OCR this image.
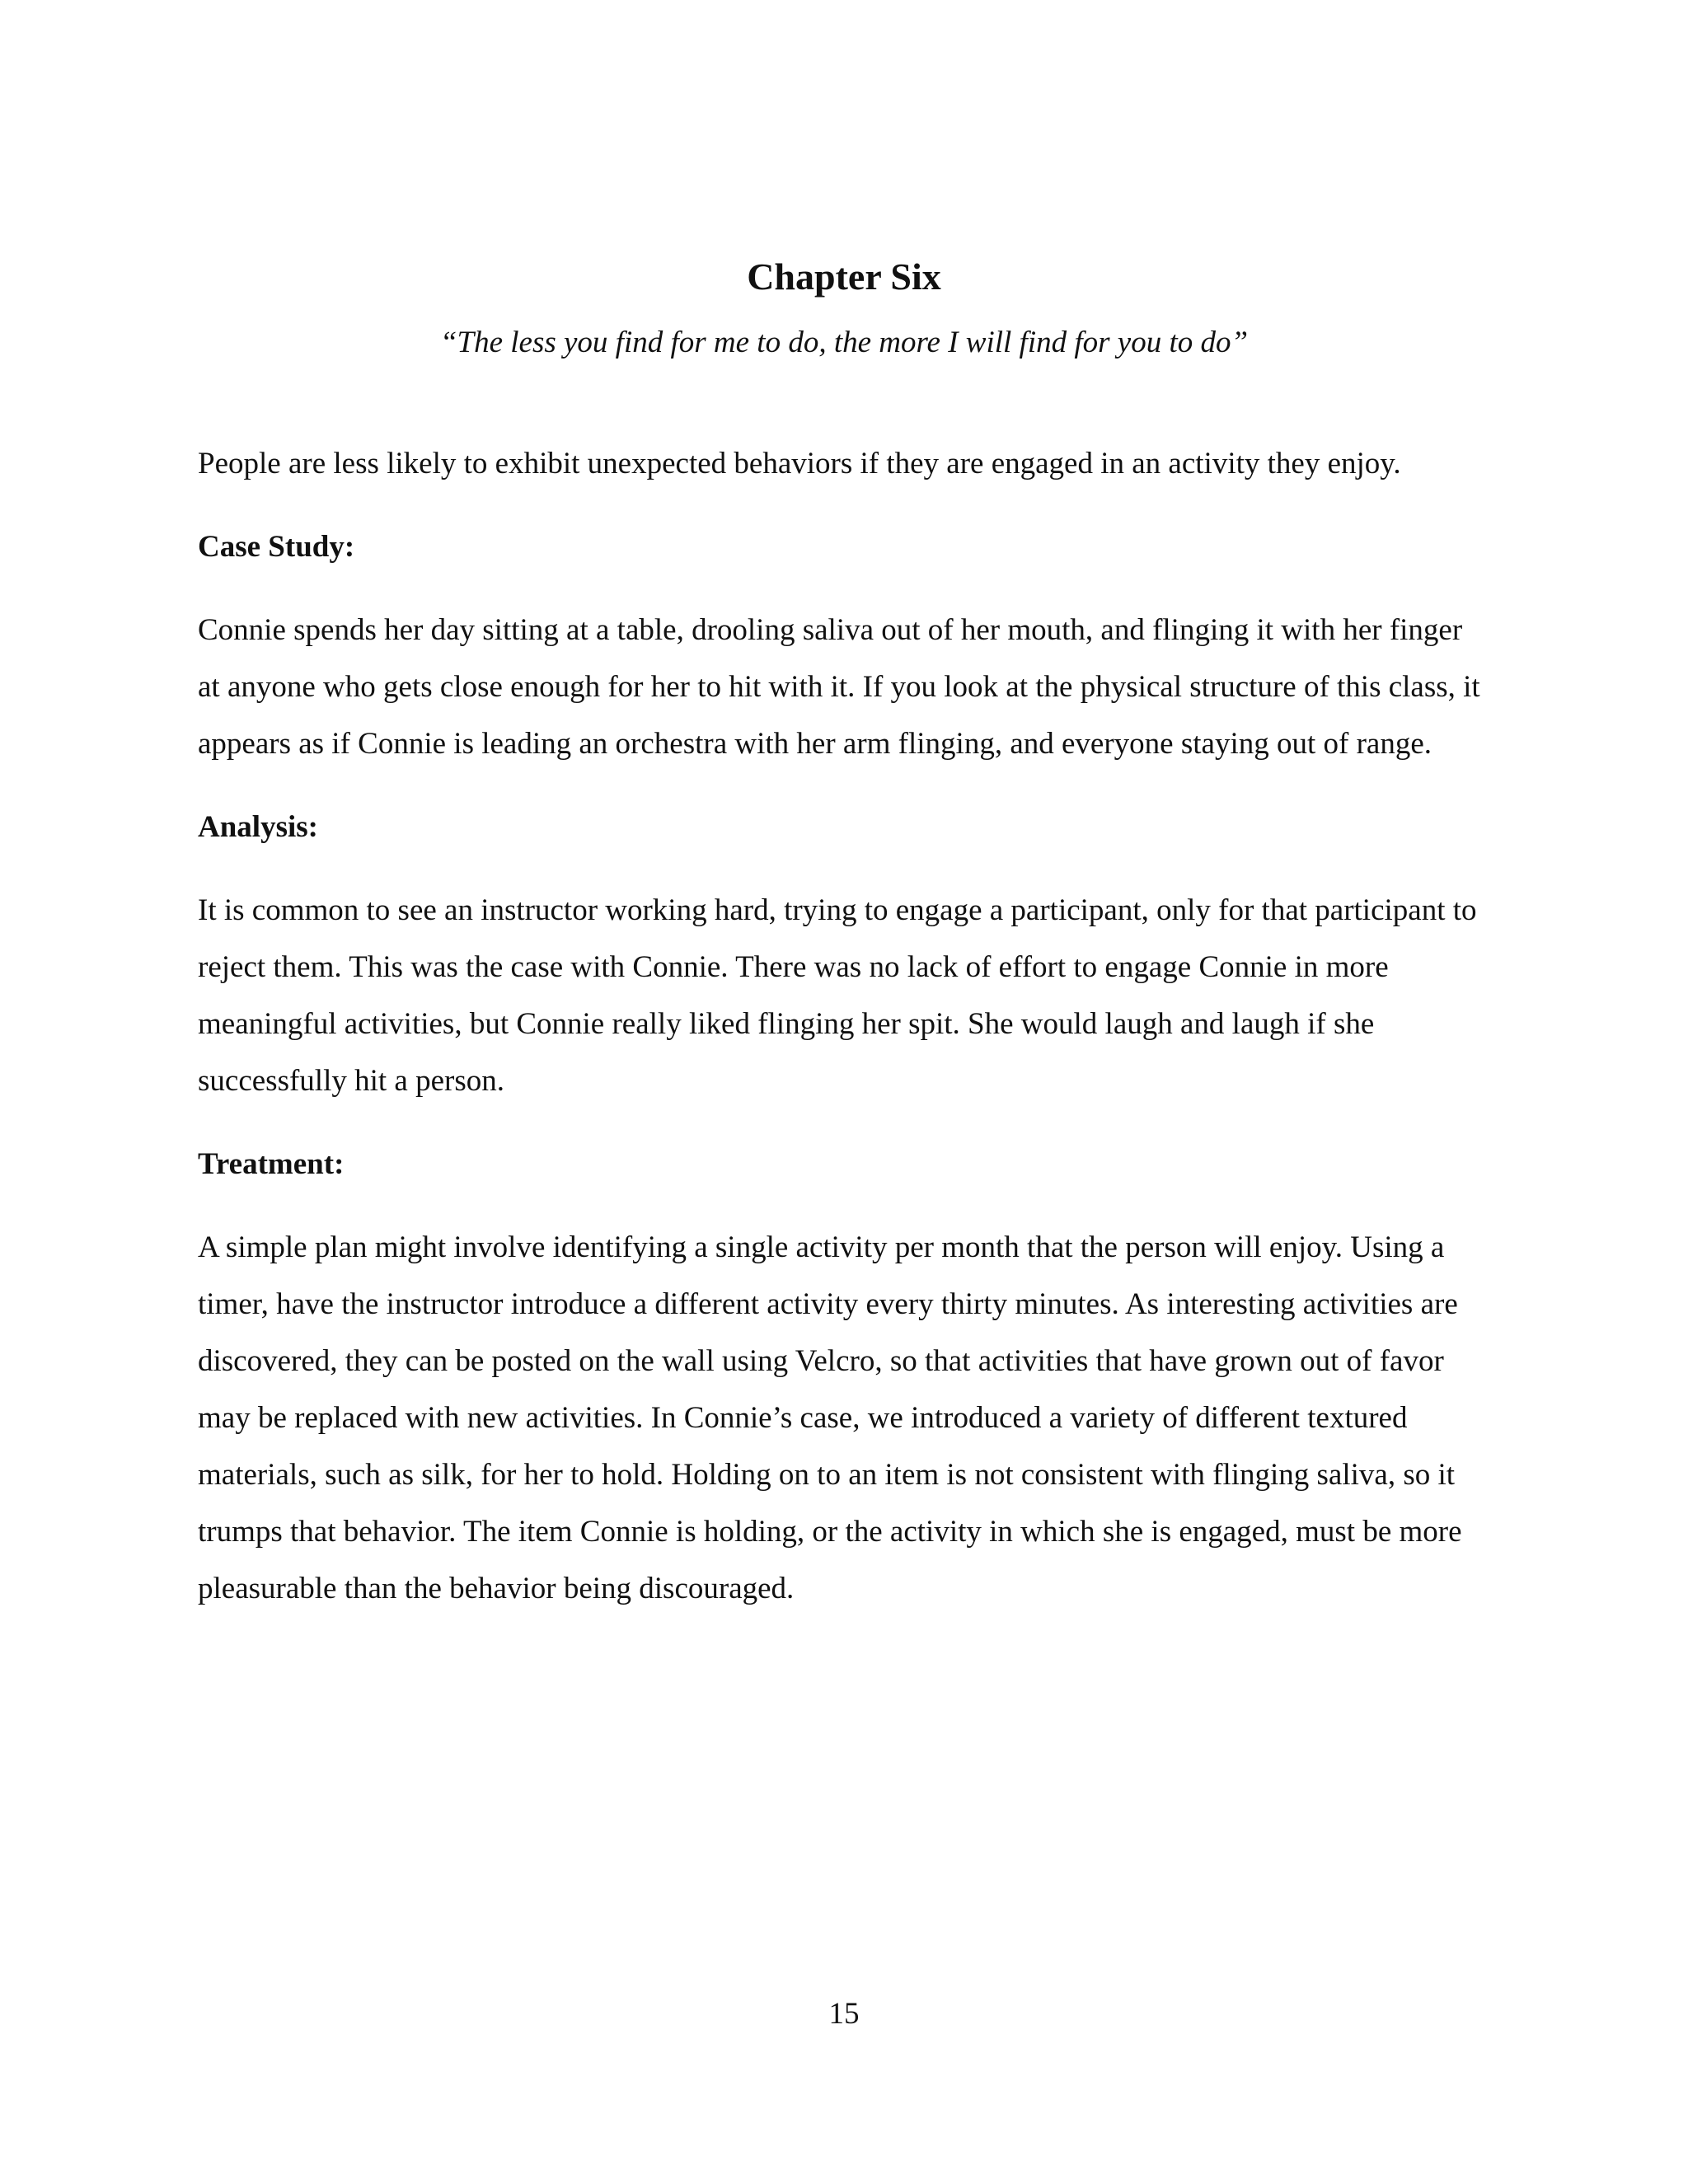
Chapter Six

“The less you find for me to do, the more I will find for you to do”

People are less likely to exhibit unexpected behaviors if they are engaged in an activity they enjoy.

Case Study:

Connie spends her day sitting at a table, drooling saliva out of her mouth, and flinging it with her finger at anyone who gets close enough for her to hit with it. If you look at the physical structure of this class, it appears as if Connie is leading an orchestra with her arm flinging, and everyone staying out of range.

Analysis:

It is common to see an instructor working hard, trying to engage a participant, only for that participant to reject them. This was the case with Connie. There was no lack of effort to engage Connie in more meaningful activities, but Connie really liked flinging her spit. She would laugh and laugh if she successfully hit a person.

Treatment:

A simple plan might involve identifying a single activity per month that the person will enjoy. Using a timer, have the instructor introduce a different activity every thirty minutes. As interesting activities are discovered, they can be posted on the wall using Velcro, so that activities that have grown out of favor may be replaced with new activities. In Connie’s case, we introduced a variety of different textured materials, such as silk, for her to hold. Holding on to an item is not consistent with flinging saliva, so it trumps that behavior. The item Connie is holding, or the activity in which she is engaged, must be more pleasurable than the behavior being discouraged.

15
